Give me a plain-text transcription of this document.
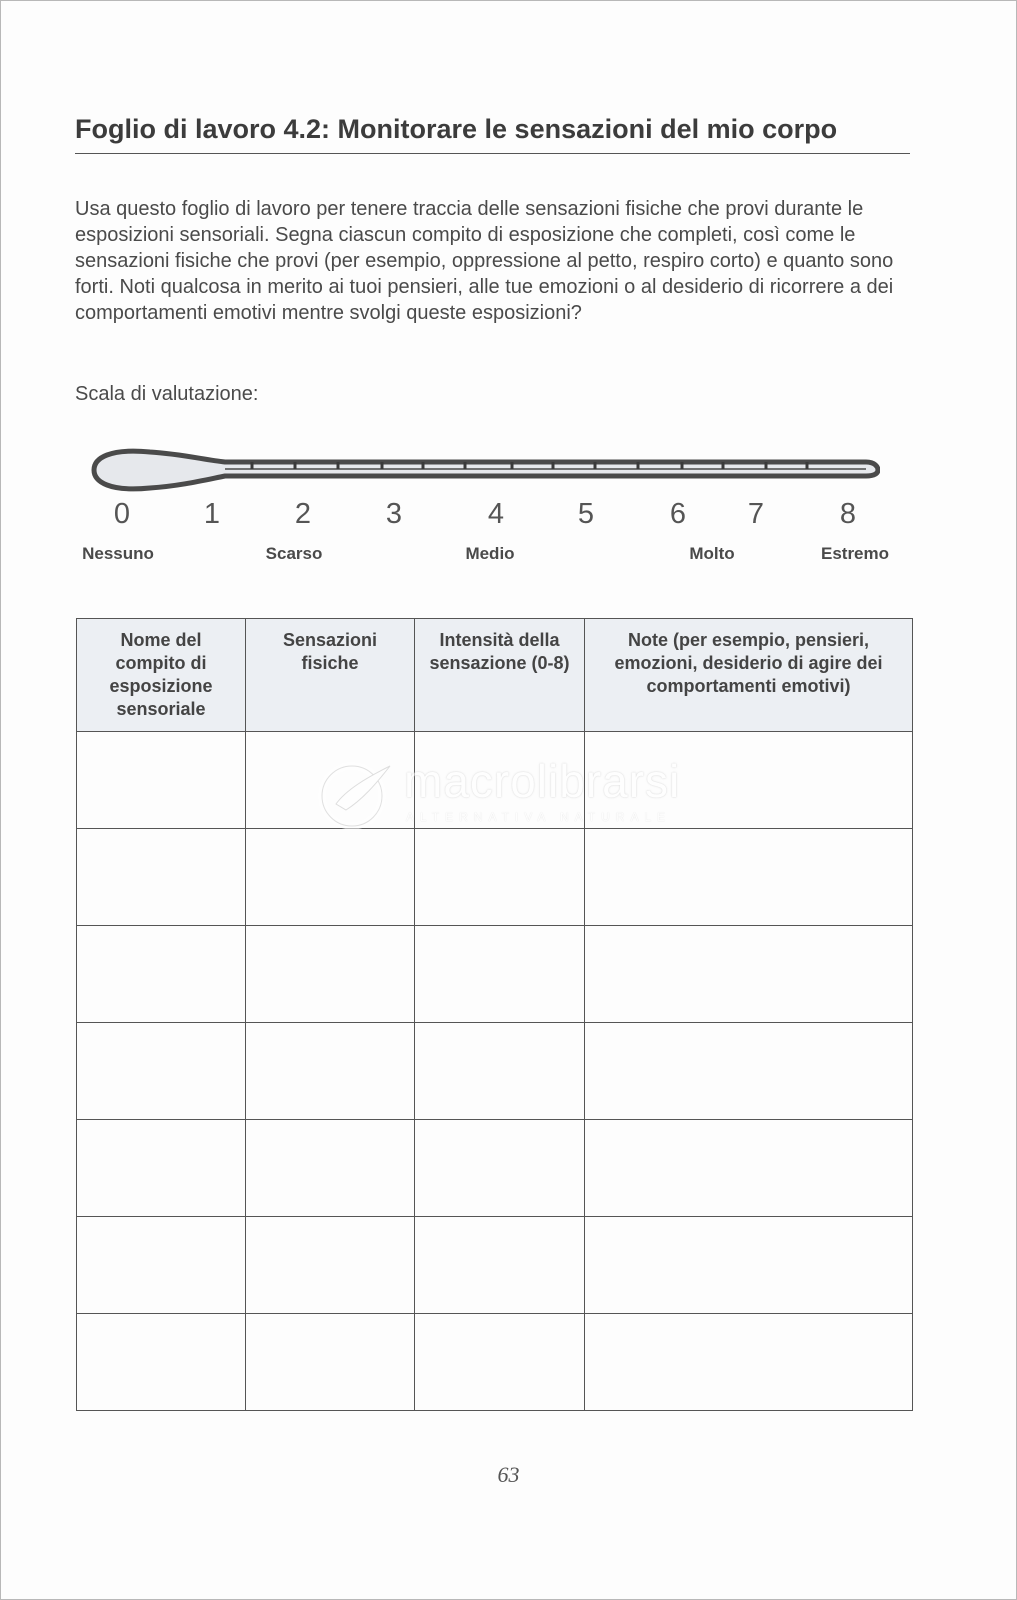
Foglio di lavoro 4.2: Monitorare le sensazioni del mio corpo

Usa questo foglio di lavoro per tenere traccia delle sensazioni fisiche che provi durante le esposizioni sensoriali. Segna ciascun compito di esposizione che completi, così come le sensazioni fisiche che provi (per esempio, oppressione al petto, respiro corto) e quanto sono forti. Noti qualcosa in merito ai tuoi pensieri, alle tue emozioni o al desiderio di ricorrere a dei comportamenti emotivi mentre svolgi queste esposizioni?

Scala di valutazione:

0	1	2	3	4	5	6 7	8
Nessuno	Scarso	Medio	Molto	Estremo
Nome del compito di esposizione sensoriale	Sensazioni fisiche	Intensità della sensazione (0-8)	Note (per esempio, pensieri, emozioni, desiderio di agire dei comportamenti emotivi)

macrolibrarsi
ALTERNATIVA NATURALE
63
